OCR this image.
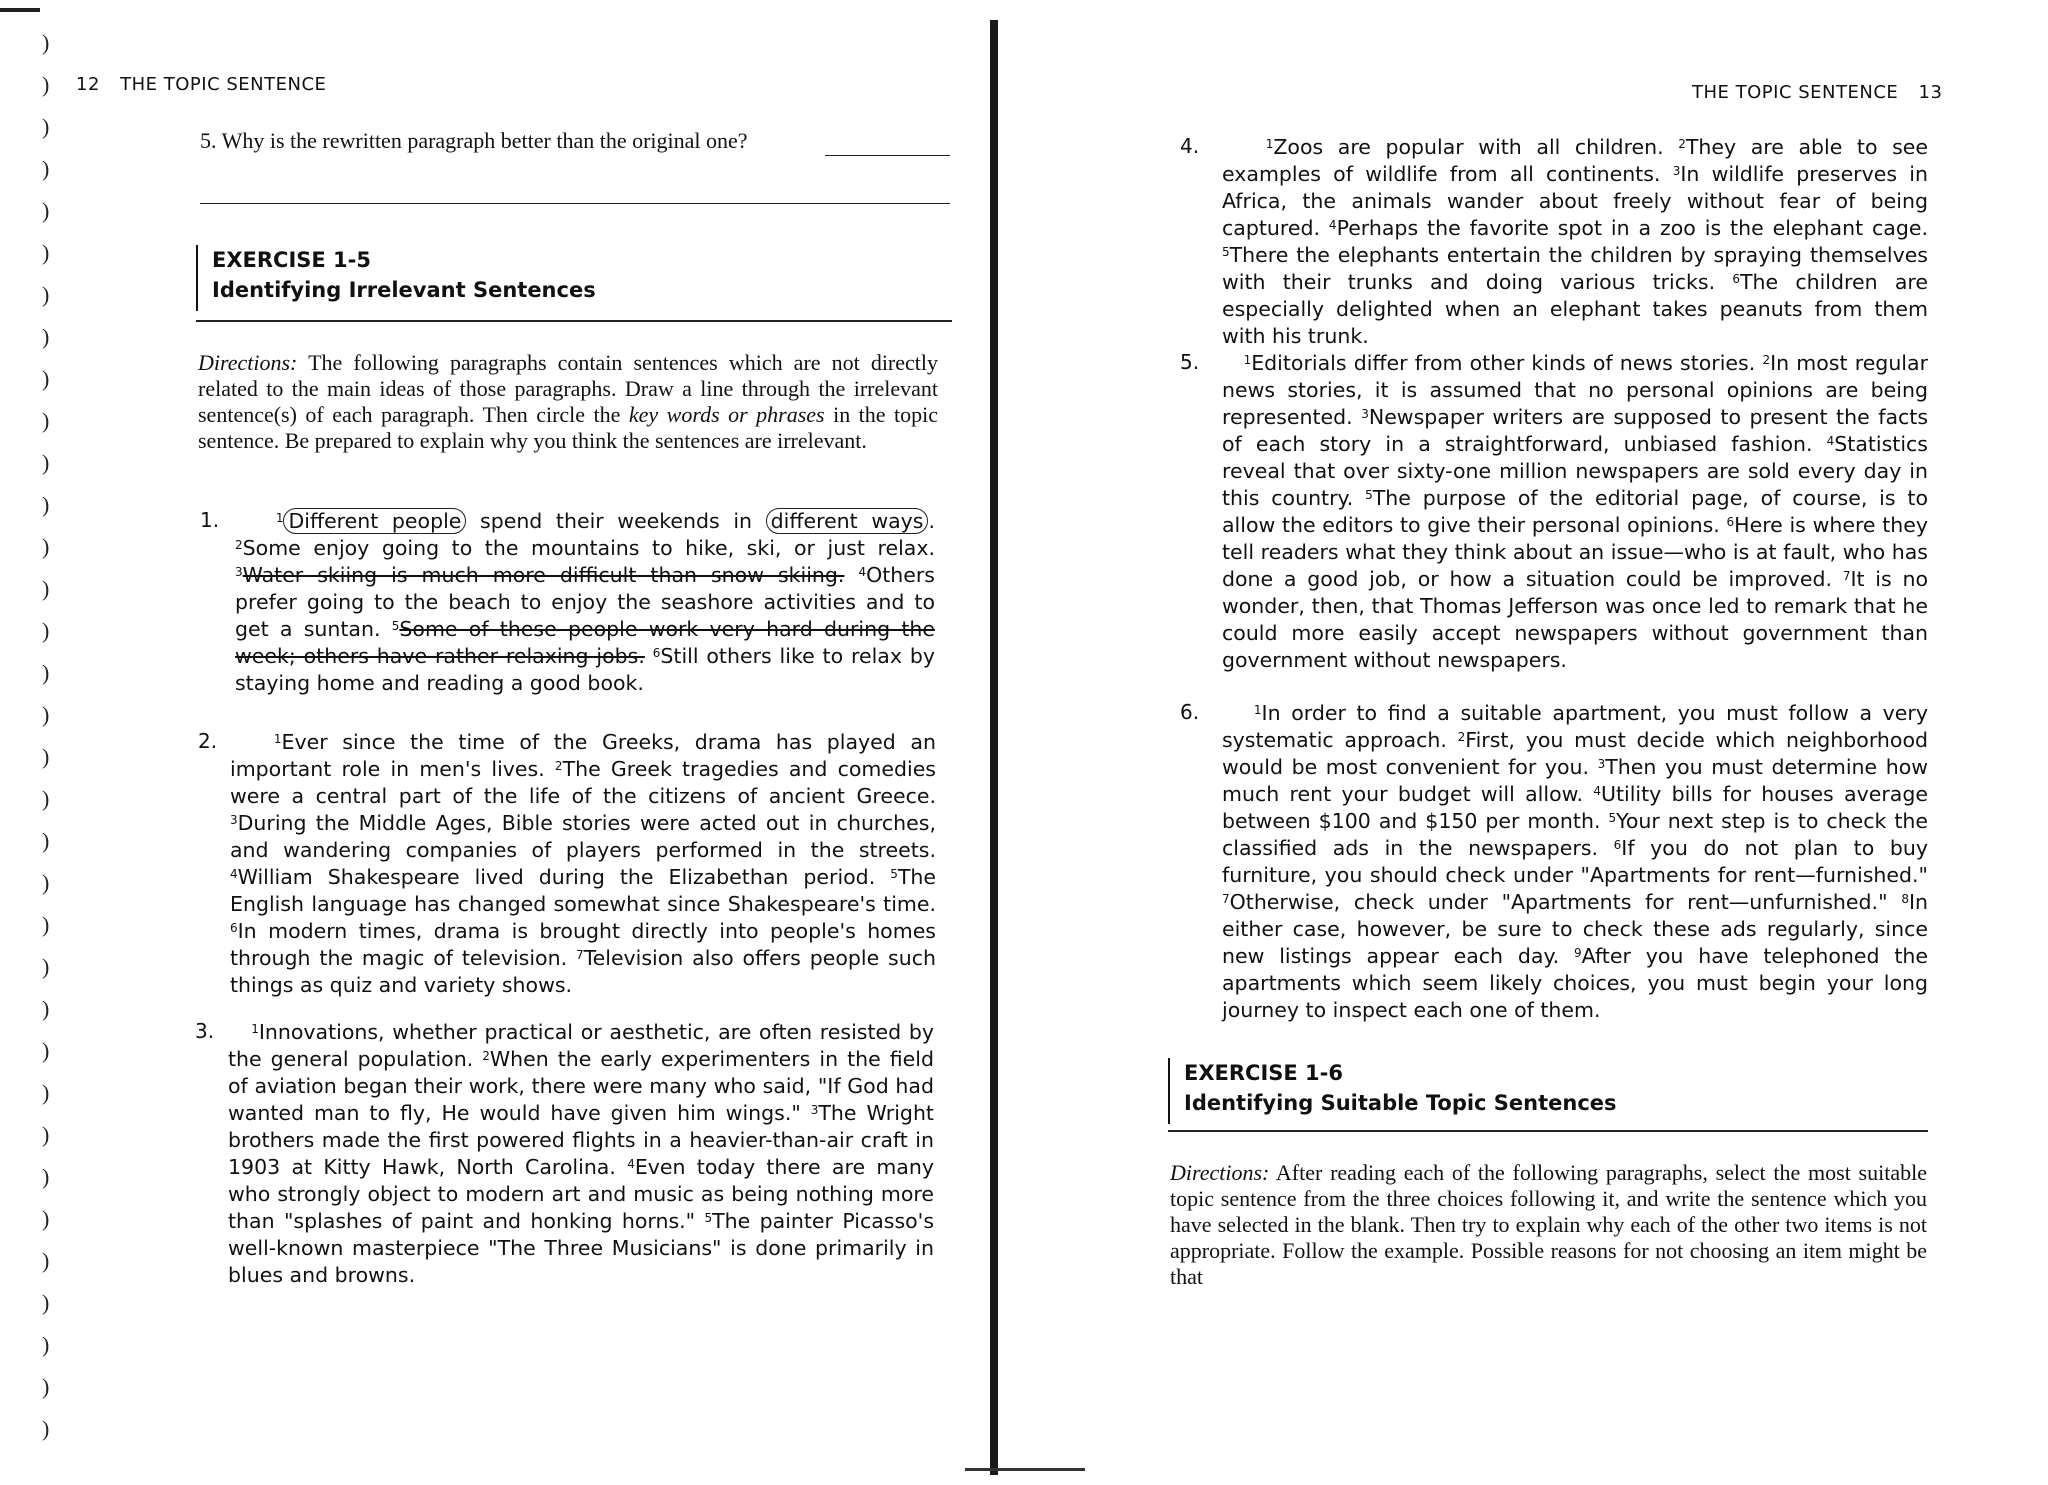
)
)
)
)
)
)
)
)
)
)
)
)
)
)
)
)
)
)
)
)
)
)
)
)
)
)
)
)
)
)
)
)
)
)
12 THE TOPIC SENTENCE
5. Why is the rewritten paragraph better than the original one?
EXERCISE 1-5
Identifying Irrelevant Sentences
Directions: The following paragraphs contain sentences which are not directly related to the main ideas of those paragraphs. Draw a line through the irrelevant sentence(s) of each paragraph. Then circle the key words or phrases in the topic sentence. Be prepared to explain why you think the sentences are irrelevant.
1.	$^1$ Different people spend their weekends in different ways . $^2$Some enjoy going to the mountains to hike, ski, or just relax. $^3$Water skiing is much more difficult than snow skiing. $^4$Others prefer going to the beach to enjoy the seashore activities and to get a suntan. $^5$Some of these people work very hard during the week; others have rather relaxing jobs. $^6$Still others like to relax by staying home and reading a good book.
2.	$^1$Ever since the time of the Greeks, drama has played an important role in men's lives. $^2$The Greek tragedies and comedies were a central part of the life of the citizens of ancient Greece. $^3$During the Middle Ages, Bible stories were acted out in churches, and wandering companies of players performed in the streets. $^4$William Shakespeare lived during the Elizabethan period. $^5$The English language has changed somewhat since Shakespeare's time. $^6$In modern times, drama is brought directly into people's homes through the magic of television. $^7$Television also offers people such things as quiz and variety shows.
3.	$^1$Innovations, whether practical or aesthetic, are often resisted by the general population. $^2$When the early experimenters in the field of aviation began their work, there were many who said, "If God had wanted man to fly, He would have given him wings." $^3$The Wright brothers made the first powered flights in a heavier-than-air craft in 1903 at Kitty Hawk, North Carolina. $^4$Even today there are many who strongly object to modern art and music as being nothing more than "splashes of paint and honking horns." $^5$The painter Picasso's well-known masterpiece "The Three Musicians" is done primarily in blues and browns.
THE TOPIC SENTENCE 13
4.	$^1$Zoos are popular with all children. $^2$They are able to see examples of wildlife from all continents. $^3$In wildlife preserves in Africa, the animals wander about freely without fear of being captured. $^4$Perhaps the favorite spot in a zoo is the elephant cage. $^5$There the elephants entertain the children by spraying themselves with their trunks and doing various tricks. $^6$The children are especially delighted when an elephant takes peanuts from them with his trunk.
5.	$^1$Editorials differ from other kinds of news stories. $^2$In most regular news stories, it is assumed that no personal opinions are being represented. $^3$Newspaper writers are supposed to present the facts of each story in a straightforward, unbiased fashion. $^4$Statistics reveal that over sixty-one million newspapers are sold every day in this country. $^5$The purpose of the editorial page, of course, is to allow the editors to give their personal opinions. $^6$Here is where they tell readers what they think about an issue—who is at fault, who has done a good job, or how a situation could be improved. $^7$It is no wonder, then, that Thomas Jefferson was once led to remark that he could more easily accept newspapers without government than government without newspapers.
6.	$^1$In order to find a suitable apartment, you must follow a very systematic approach. $^2$First, you must decide which neighborhood would be most convenient for you. $^3$Then you must determine how much rent your budget will allow. $^4$Utility bills for houses average between $100 and $150 per month. $^5$Your next step is to check the classified ads in the newspapers. $^6$If you do not plan to buy furniture, you should check under "Apartments for rent—furnished." $^7$Otherwise, check under "Apartments for rent—unfurnished." $^8$In either case, however, be sure to check these ads regularly, since new listings appear each day. $^9$After you have telephoned the apartments which seem likely choices, you must begin your long journey to inspect each one of them.
EXERCISE 1-6
Identifying Suitable Topic Sentences
Directions: After reading each of the following paragraphs, select the most suitable topic sentence from the three choices following it, and write the sentence which you have selected in the blank. Then try to explain why each of the other two items is not appropriate. Follow the example. Possible reasons for not choosing an item might be that
